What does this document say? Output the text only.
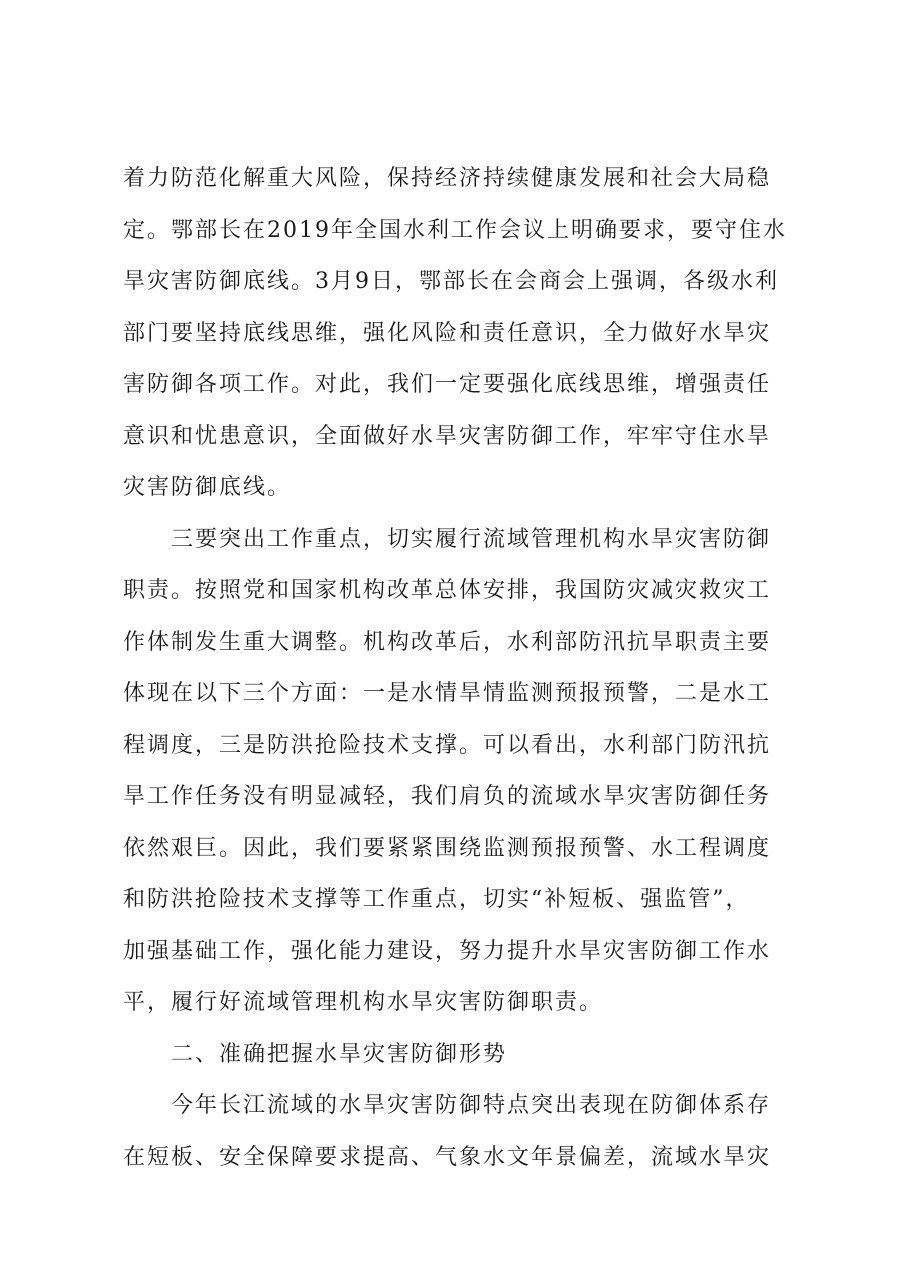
着力防范化解重大风险，保持经济持续健康发展和社会大局稳
定。鄂部长在2019年全国水利工作会议上明确要求，要守住水
旱灾害防御底线。3月9日，鄂部长在会商会上强调，各级水利
部门要坚持底线思维，强化风险和责任意识，全力做好水旱灾
害防御各项工作。对此，我们一定要强化底线思维，增强责任
意识和忧患意识，全面做好水旱灾害防御工作，牢牢守住水旱
灾害防御底线。
三要突出工作重点，切实履行流域管理机构水旱灾害防御
职责。按照党和国家机构改革总体安排，我国防灾减灾救灾工
作体制发生重大调整。机构改革后，水利部防汛抗旱职责主要
体现在以下三个方面：一是水情旱情监测预报预警，二是水工
程调度，三是防洪抢险技术支撑。可以看出，水利部门防汛抗
旱工作任务没有明显减轻，我们肩负的流域水旱灾害防御任务
依然艰巨。因此，我们要紧紧围绕监测预报预警、水工程调度
和防洪抢险技术支撑等工作重点，切实“补短板、强监管”，
加强基础工作，强化能力建设，努力提升水旱灾害防御工作水
平，履行好流域管理机构水旱灾害防御职责。
二、准确把握水旱灾害防御形势
今年长江流域的水旱灾害防御特点突出表现在防御体系存
在短板、安全保障要求提高、气象水文年景偏差，流域水旱灾
